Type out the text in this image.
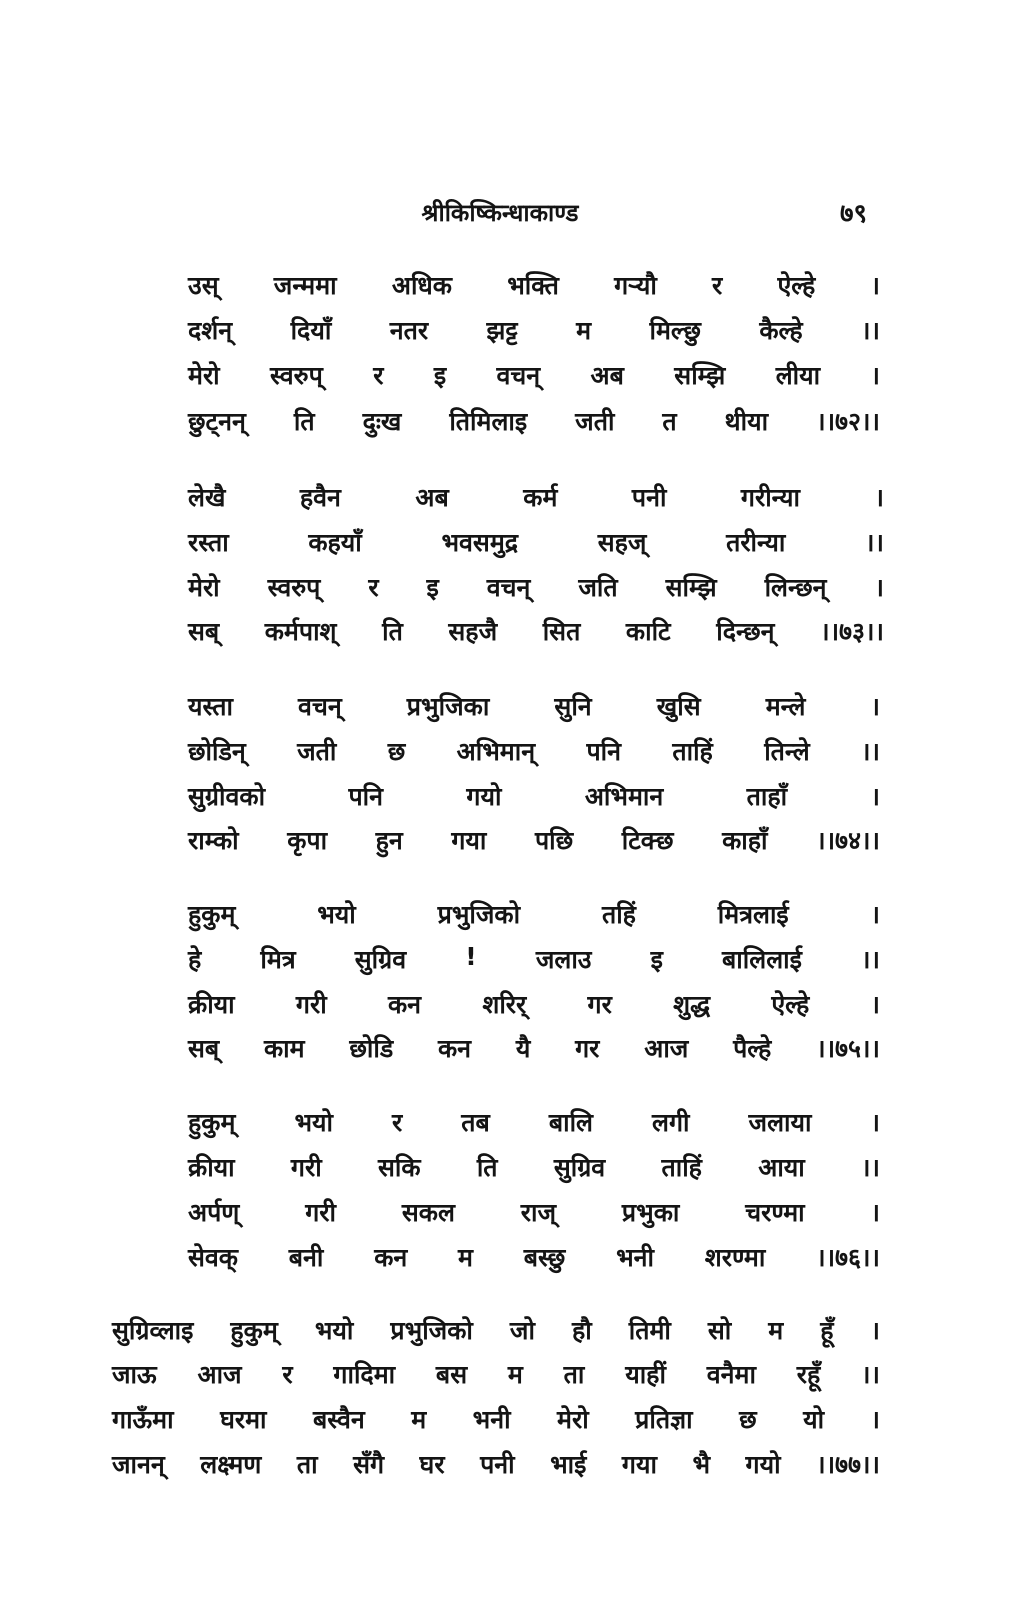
श्रीकिष्किन्धाकाण्ड	७९
उस् जन्ममा अधिक भक्ति गऱ्यौ र ऐल्हे ।
दर्शन् दियाँ नतर झट्ट म मिल्छु कैल्हे ।।
मेरो स्वरुप् र इ वचन् अब सम्झि लीया ।
छुट्नन् ति दुःख तिमिलाइ जती त थीया ।।७२।।
लेखै	हवैन	अब	कर्म	पनी	गरीन्या	।
रस्ता	कहयाँ	भवसमुद्र	सहज्	तरीन्या	।।
मेरो स्वरुप् र इ वचन् जति सम्झि लिन्छन् ।
सब् कर्मपाश् ति सहजै सित काटि दिन्छन् ।।७३।।
यस्ता	वचन्	प्रभुजिका	सुनि	खुसि	मन्ले	।
छोडिन् जती छ अभिमान् पनि ताहिं तिन्ले ।।
सुग्रीवको	पनि	गयो	अभिमान	ताहाँ	।
राम्को कृपा हुन गया पछि टिक्छ काहाँ ।।७४।।
हुकुम्	भयो	प्रभुजिको	तहिं	मित्रलाई	।
हे मित्र सुग्रिव ! जलाउ इ बालिलाई ।।
क्रीया गरी कन शरिर् गर शुद्ध ऐल्हे ।
सब् काम छोडि कन यै गर आज पैल्हे ।।७५।।
हुकुम् भयो र तब बालि लगी जलाया ।
क्रीया गरी सकि ति सुग्रिव ताहिं आया ।।
अर्पण्	गरी	सकल	राज्	प्रभुका	चरण्मा	।
सेवक् बनी कन म बस्छु भनी शरण्मा ।।७६।।
सुग्रिव्लाइ हुकुम् भयो प्रभुजिको जो हौ तिमी सो म हूँ ।
जाऊ आज र गादिमा बस म ता याहीं वनैमा रहूँ ।।
गाऊँमा घरमा बस्वैन म भनी मेरो प्रतिज्ञा छ यो ।
जानन् लक्ष्मण ता सँगै घर पनी भाई गया भै गयो ।।७७।।
